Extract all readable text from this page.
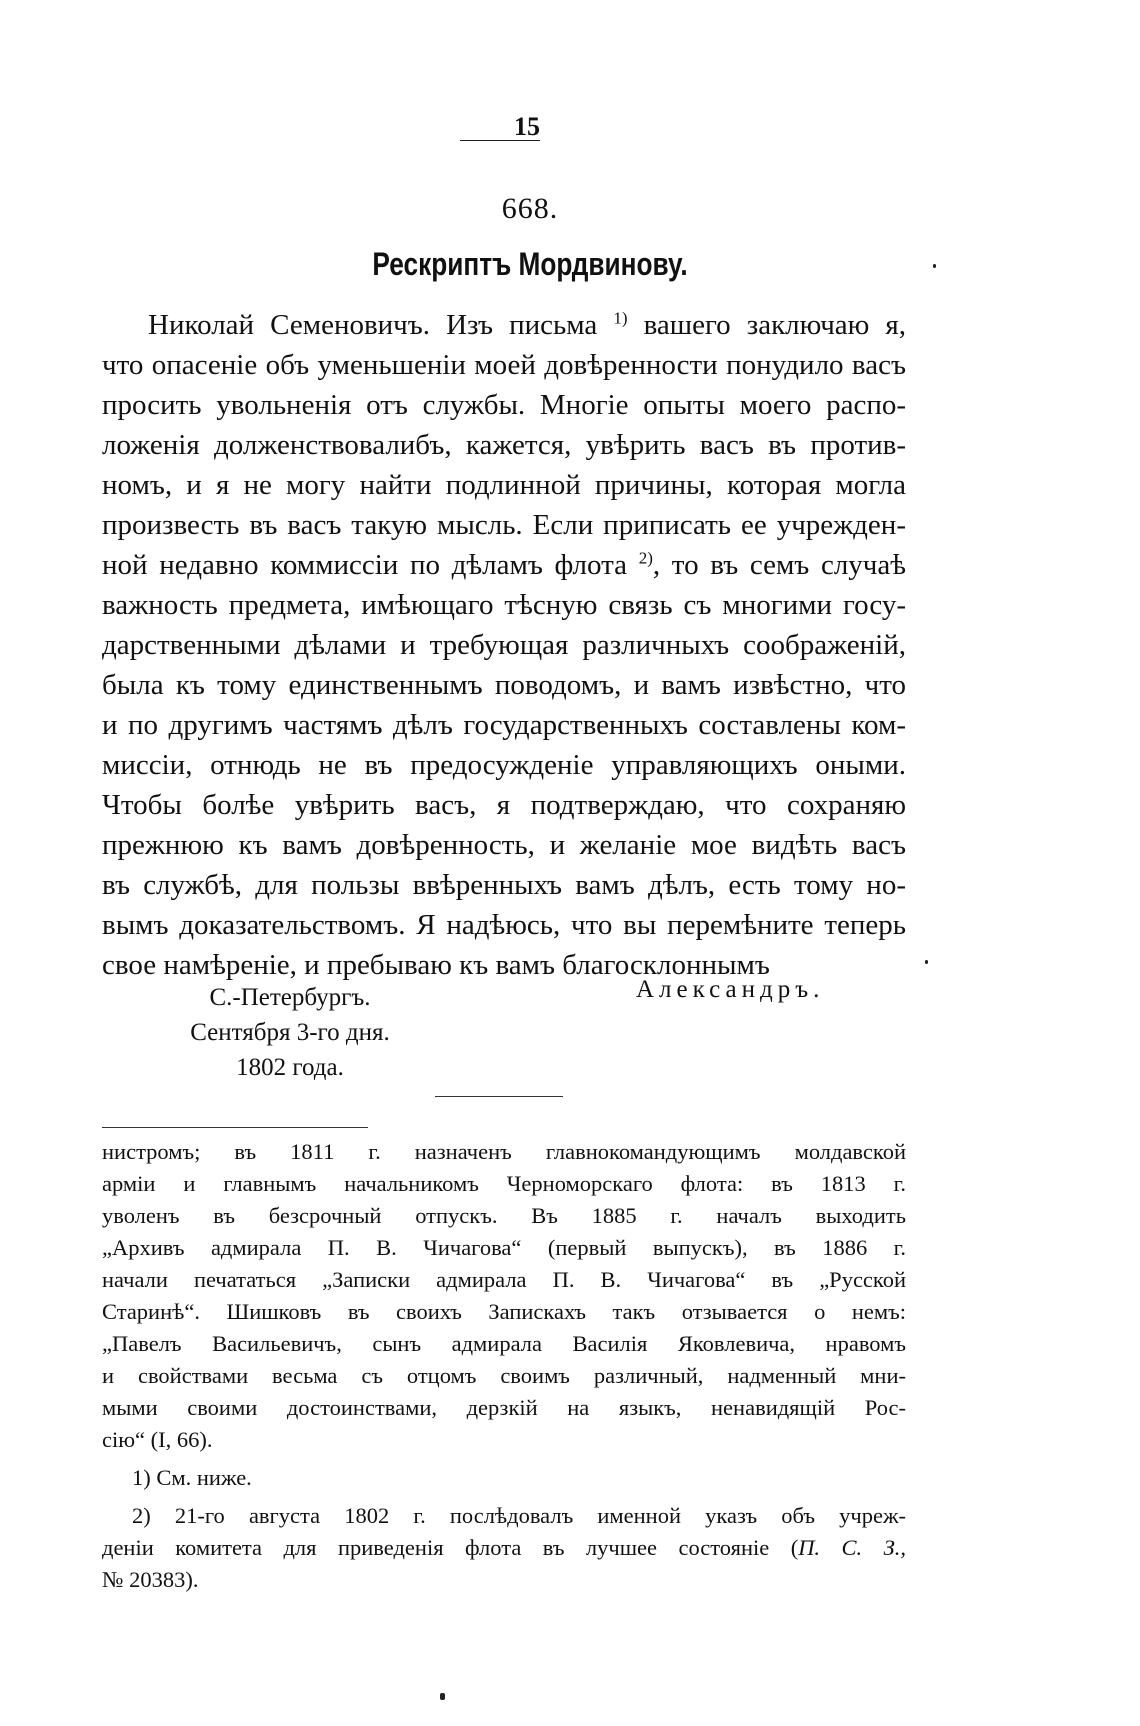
15
668.
Рескриптъ Мордвинову.
Николай Семеновичъ. Изъ письма $^{1)}$ вашего заключаю я,
что опасеніе объ уменьшеніи моей довѣренности понудило васъ
просить увольненія отъ службы. Многіе опыты моего распо-
ложенія долженствовалибъ, кажется, увѣрить васъ въ против-
номъ, и я не могу найти подлинной причины, которая могла
произвесть въ васъ такую мысль. Если приписать ее учрежден-
ной недавно коммиссіи по дѣламъ флота $^{2)}$, то въ семъ случаѣ
важность предмета, имѣющаго тѣсную связь съ многими госу-
дарственными дѣлами и требующая различныхъ соображеній,
была къ тому единственнымъ поводомъ, и вамъ извѣстно, что
и по другимъ частямъ дѣлъ государственныхъ составлены ком-
миссіи, отнюдь не въ предосужденіе управляющихъ оными.
Чтобы болѣе увѣрить васъ, я подтверждаю, что сохраняю
прежнюю къ вамъ довѣренность, и желаніе мое видѣть васъ
въ службѣ, для пользы ввѣренныхъ вамъ дѣлъ, есть тому но-
вымъ доказательствомъ. Я надѣюсь, что вы перемѣните теперь
свое намѣреніе, и пребываю къ вамъ благосклоннымъ
С.-Петербургъ.
Сентября 3-го дня.
1802 года.
Александръ.
нистромъ; въ 1811 г. назначенъ главнокомандующимъ молдавской
арміи и главнымъ начальникомъ Черноморскаго флота: въ 1813 г.
уволенъ въ безсрочный отпускъ. Въ 1885 г. началъ выходить
„Архивъ адмирала П. В. Чичагова“ (первый выпускъ), въ 1886 г.
начали печататься „Записки адмирала П. В. Чичагова“ въ „Русской
Старинѣ“. Шишковъ въ своихъ Запискахъ такъ отзывается о немъ:
„Павелъ Васильевичъ, сынъ адмирала Василія Яковлевича, нравомъ
и свойствами весьма съ отцомъ своимъ различный, надменный мни-
мыми своими достоинствами, дерзкій на языкъ, ненавидящій Рос-
сію“ (I, 66).
1) См. ниже.
2) 21-го августа 1802 г. послѣдовалъ именной указъ объ учреж-
деніи комитета для приведенія флота въ лучшее состояніе (П. С. З.,
№ 20383).
